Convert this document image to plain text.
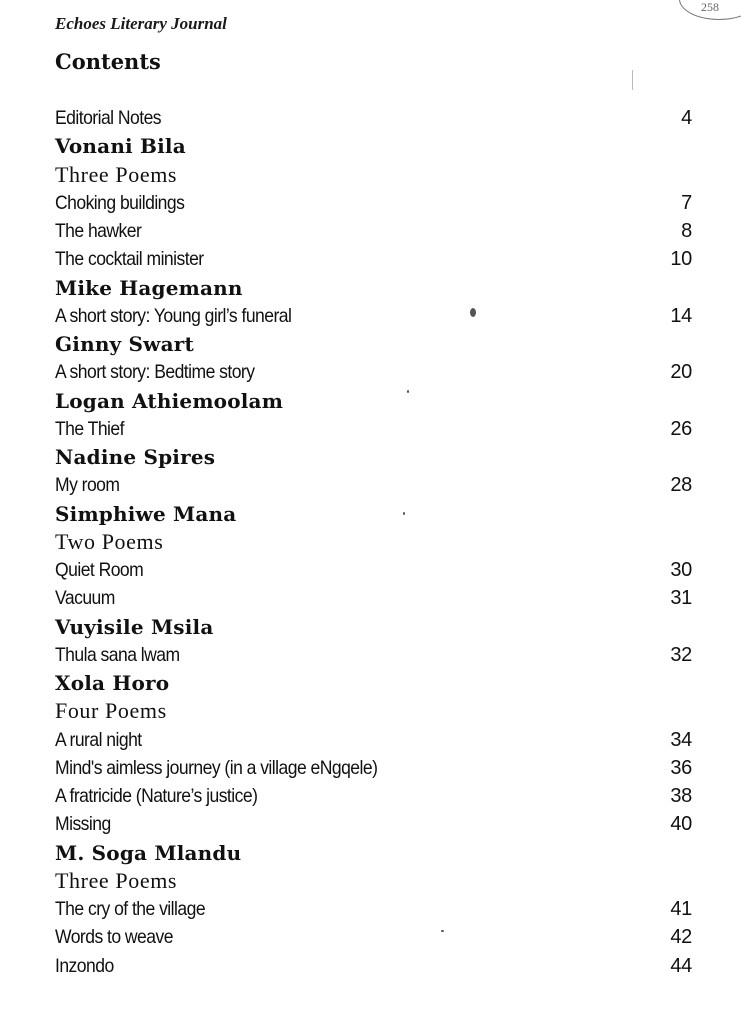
258
Echoes Literary Journal
Contents
Editorial Notes	4
Vonani Bila
Three Poems
Choking buildings	7
The hawker	8
The cocktail minister	10
Mike Hagemann
A short story: Young girl’s funeral	14
Ginny Swart
A short story: Bedtime story	20
Logan Athiemoolam
The Thief	26
Nadine Spires
My room	28
Simphiwe Mana
Two Poems
Quiet Room	30
Vacuum	31
Vuyisile Msila
Thula sana lwam	32
Xola Horo
Four Poems
A rural night	34
Mind's aimless journey (in a village eNgqele)	36
A fratricide (Nature’s justice)	38
Missing	40
M. Soga Mlandu
Three Poems
The cry of the village	41
Words to weave	42
Inzondo	44
